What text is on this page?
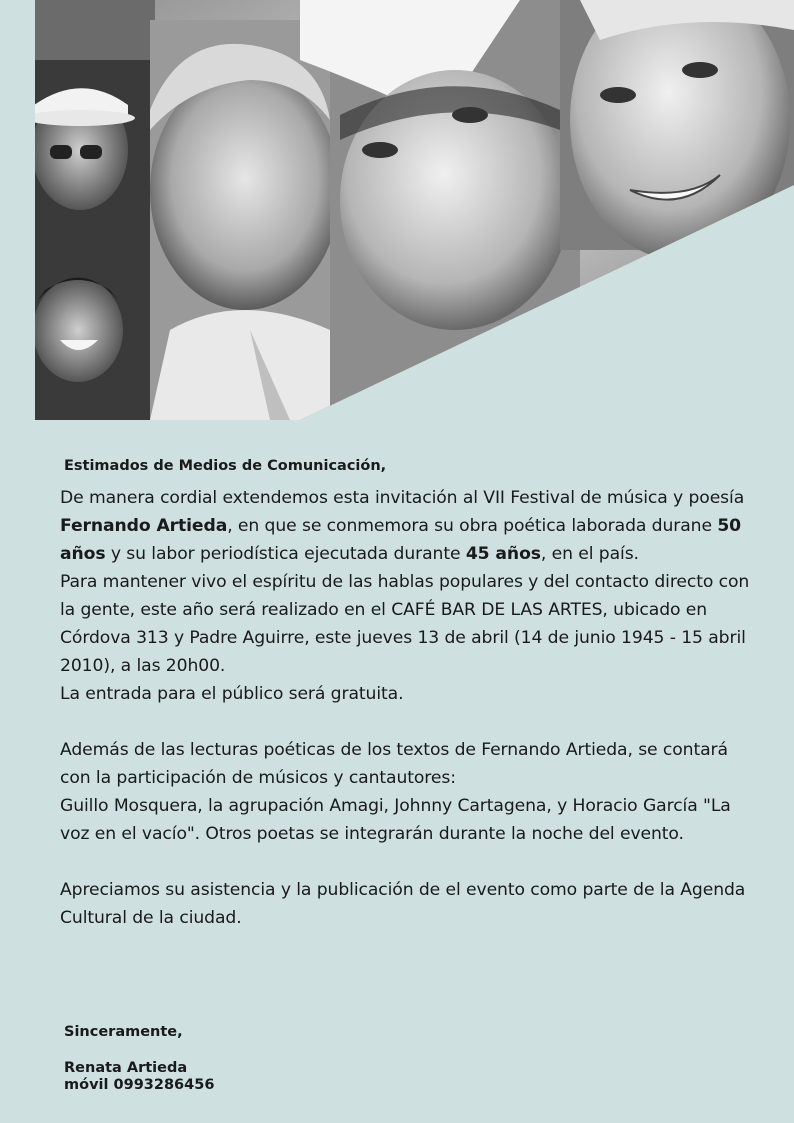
Estimados de Medios de Comunicación,

De manera cordial extendemos esta invitación al VII Festival de música y poesía Fernando Artieda, en que se conmemora su obra poética laborada durane 50 años y su labor periodística ejecutada durante 45 años, en el país.

Para mantener vivo el espíritu de las hablas populares y del contacto directo con la gente, este año será realizado en el CAFÉ BAR DE LAS ARTES, ubicado en Córdova 313 y Padre Aguirre, este jueves 13 de abril (14 de junio 1945 - 15 abril 2010), a las 20h00.

La entrada para el público será gratuita.

Además de las lecturas poéticas de los textos de Fernando Artieda, se contará con la participación de músicos y cantautores:

Guillo Mosquera, la agrupación Amagi, Johnny Cartagena, y Horacio García "La voz en el vacío". Otros poetas se integrarán durante la noche del evento.

Apreciamos su asistencia y la publicación de el evento como parte de la Agenda Cultural de la ciudad.

Sinceramente,
Renata Artieda
móvil 0993286456
